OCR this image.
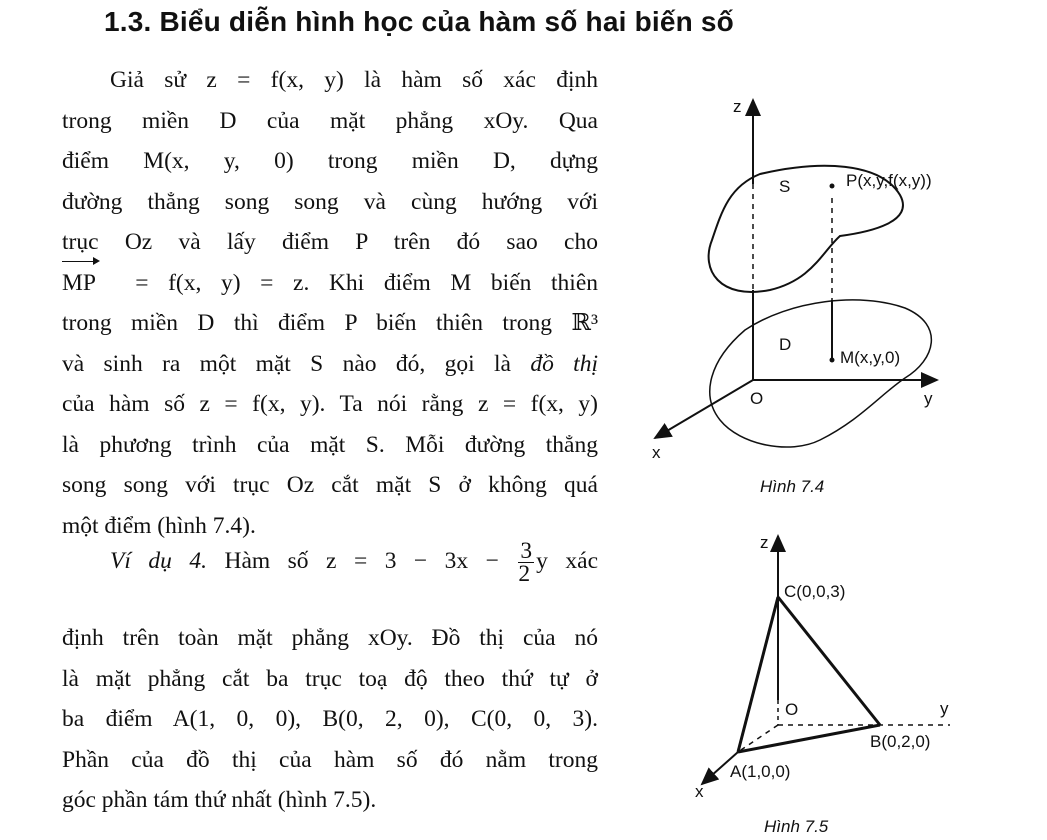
1.3. Biểu diễn hình học của hàm số hai biến số
Giả sử z = f(x, y) là hàm số xác định
trong miền D của mặt phẳng xOy. Qua
điểm M(x, y, 0) trong miền D, dựng
đường thẳng song song và cùng hướng với
trục Oz và lấy điểm P trên đó sao cho
MP = f(x, y) = z. Khi điểm M biến thiên
trong miền D thì điểm P biến thiên trong ℝ³
và sinh ra một mặt S nào đó, gọi là đồ thị
của hàm số z = f(x, y). Ta nói rằng z = f(x, y)
là phương trình của mặt S. Mỗi đường thẳng
song song với trục Oz cắt mặt S ở không quá
một điểm (hình 7.4).
Ví dụ 4. Hàm số $z = 3 - 3x - \frac{3}{2}$ y xác
định trên toàn mặt phẳng xOy. Đồ thị của nó
là mặt phẳng cắt ba trục toạ độ theo thứ tự ở
ba điểm A(1, 0, 0), B(0, 2, 0), C(0, 0, 3).
Phần của đồ thị của hàm số đó nằm trong
góc phần tám thứ nhất (hình 7.5).
z
S	P(x,y,f(x,y))
D
M(x,y,0)
O	y
x
Hình 7.4
z
C(0,0,3)
O	y
B(0,2,0)
A(1,0,0)
x
Hình 7.5
